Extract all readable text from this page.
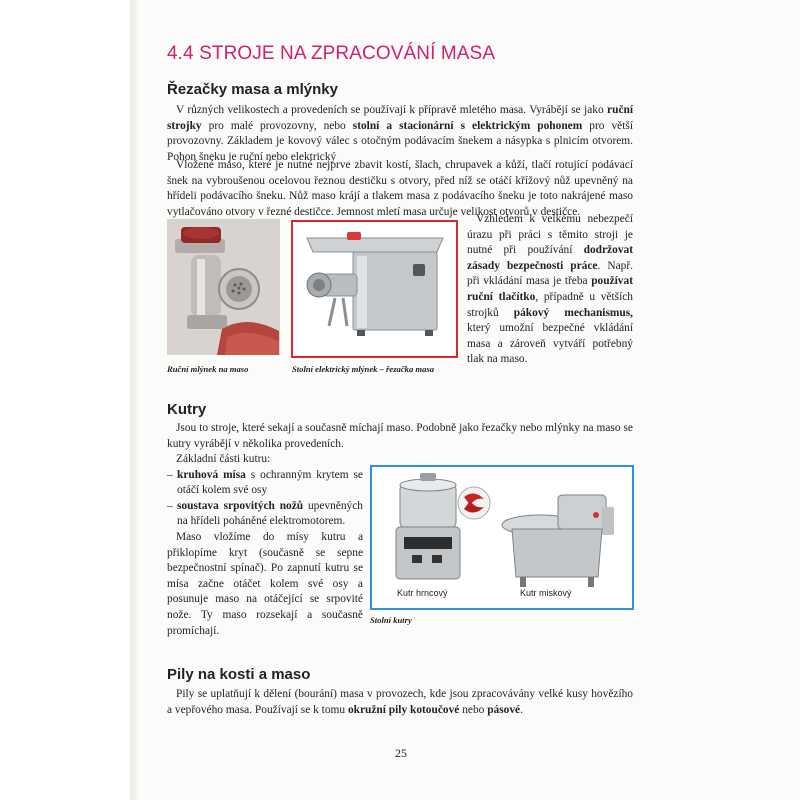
4.4 STROJE NA ZPRACOVÁNÍ MASA
Řezačky masa a mlýnky
V různých velikostech a provedeních se používají k přípravě mletého masa. Vyrábějí se jako ruční strojky pro malé provozovny, nebo stolní a stacionární s elektrickým pohonem pro větší provozovny. Základem je kovový válec s otočným podávacím šnekem a násypka s plnicím otvorem. Pohon šneku je ruční nebo elektrický
Vložené maso, které je nutné nejprve zbavit kostí, šlach, chrupavek a kůží, tlačí rotující podávací šnek na vybroušenou ocelovou řeznou destičku s otvory, před níž se otáčí křížový nůž upevněný na hřídeli podávacího šneku. Nůž maso krájí a tlakem masa z podávacího šneku je toto nakrájené maso vytlačováno otvory v řezné destičce. Jemnost mletí masa určuje velikost otvorů v destičce.
Vzhledem k velkému nebezpečí úrazu při práci s těmito stroji je nutné při používání dodržovat zásady bezpečnosti práce. Např. při vkládání masa je třeba používat ruční tlačítko, případně u větších strojků pákový mechanismus, který umožní bezpečné vkládání masa a zároveň vytváří potřebný tlak na maso.
Ruční mlýnek na maso	Stolní elektrický mlýnek – řezačka masa
Kutry
Jsou to stroje, které sekají a současně míchají maso. Podobně jako řezačky nebo mlýnky na maso se kutry vyrábějí v několika provedeních.
Základní části kutru:
– kruhová mísa s ochranným krytem se otáčí kolem své osy
– soustava srpovitých nožů upevněných na hřídeli poháněné elektromotorem.
Maso vložíme do mísy kutru a přiklopíme kryt (současně se sepne bezpečnostní spínač). Po zapnutí kutru se mísa začne otáčet kolem své osy a posunuje maso na otáčející se srpovité nože. Ty maso rozsekají a současně promíchají.
Kutr hrncový	Kutr miskový
Stolní kutry
Pily na kosti a maso
Pily se uplatňují k dělení (bourání) masa v provozech, kde jsou zpracovávány velké kusy hovězího a vepřového masa. Používají se k tomu okružní pily kotoučové nebo pásové.
25
